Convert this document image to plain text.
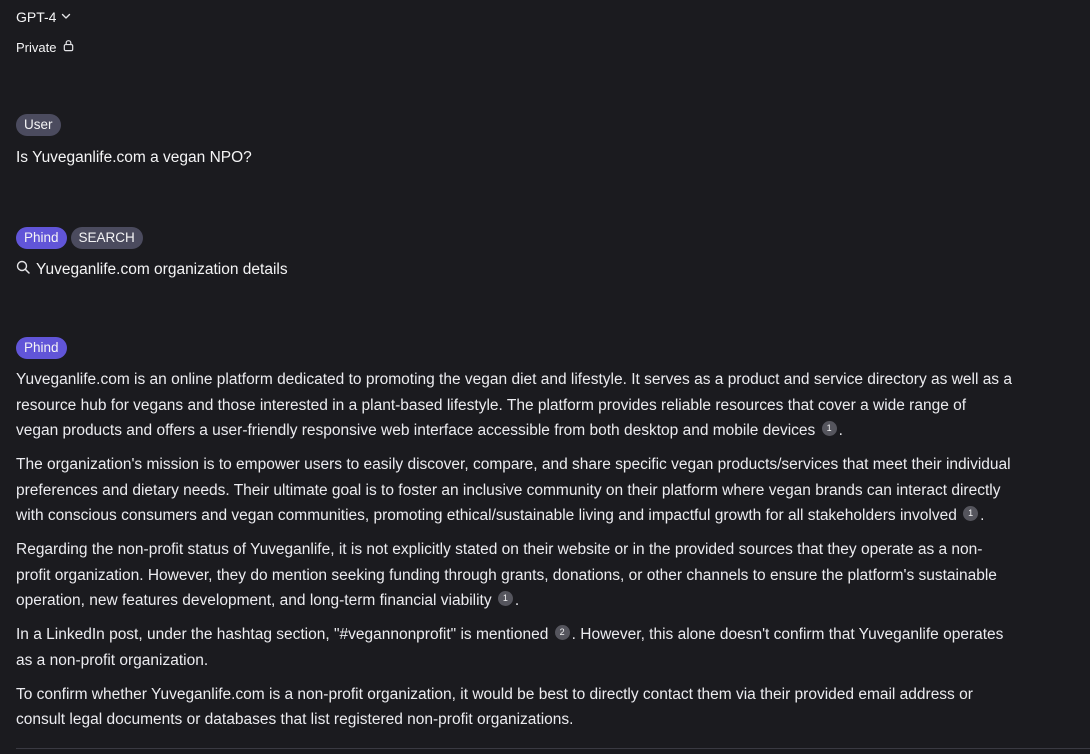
GPT-4
Private
User
Is Yuveganlife.com a vegan NPO?
Phind	SEARCH
Yuveganlife.com organization details
Phind

Yuveganlife.com is an online platform dedicated to promoting the vegan diet and lifestyle. It serves as a product and service directory as well as a
resource hub for vegans and those interested in a plant-based lifestyle. The platform provides reliable resources that cover a wide range of
vegan products and offers a user-friendly responsive web interface accessible from both desktop and mobile devices 1 .

The organization's mission is to empower users to easily discover, compare, and share specific vegan products/services that meet their individual
preferences and dietary needs. Their ultimate goal is to foster an inclusive community on their platform where vegan brands can interact directly
with conscious consumers and vegan communities, promoting ethical/sustainable living and impactful growth for all stakeholders involved 1 .

Regarding the non-profit status of Yuveganlife, it is not explicitly stated on their website or in the provided sources that they operate as a non-
profit organization. However, they do mention seeking funding through grants, donations, or other channels to ensure the platform's sustainable
operation, new features development, and long-term financial viability 1 .

In a LinkedIn post, under the hashtag section, "#vegannonprofit" is mentioned 2 . However, this alone doesn't confirm that Yuveganlife operates
as a non-profit organization.

To confirm whether Yuveganlife.com is a non-profit organization, it would be best to directly contact them via their provided email address or
consult legal documents or databases that list registered non-profit organizations.
